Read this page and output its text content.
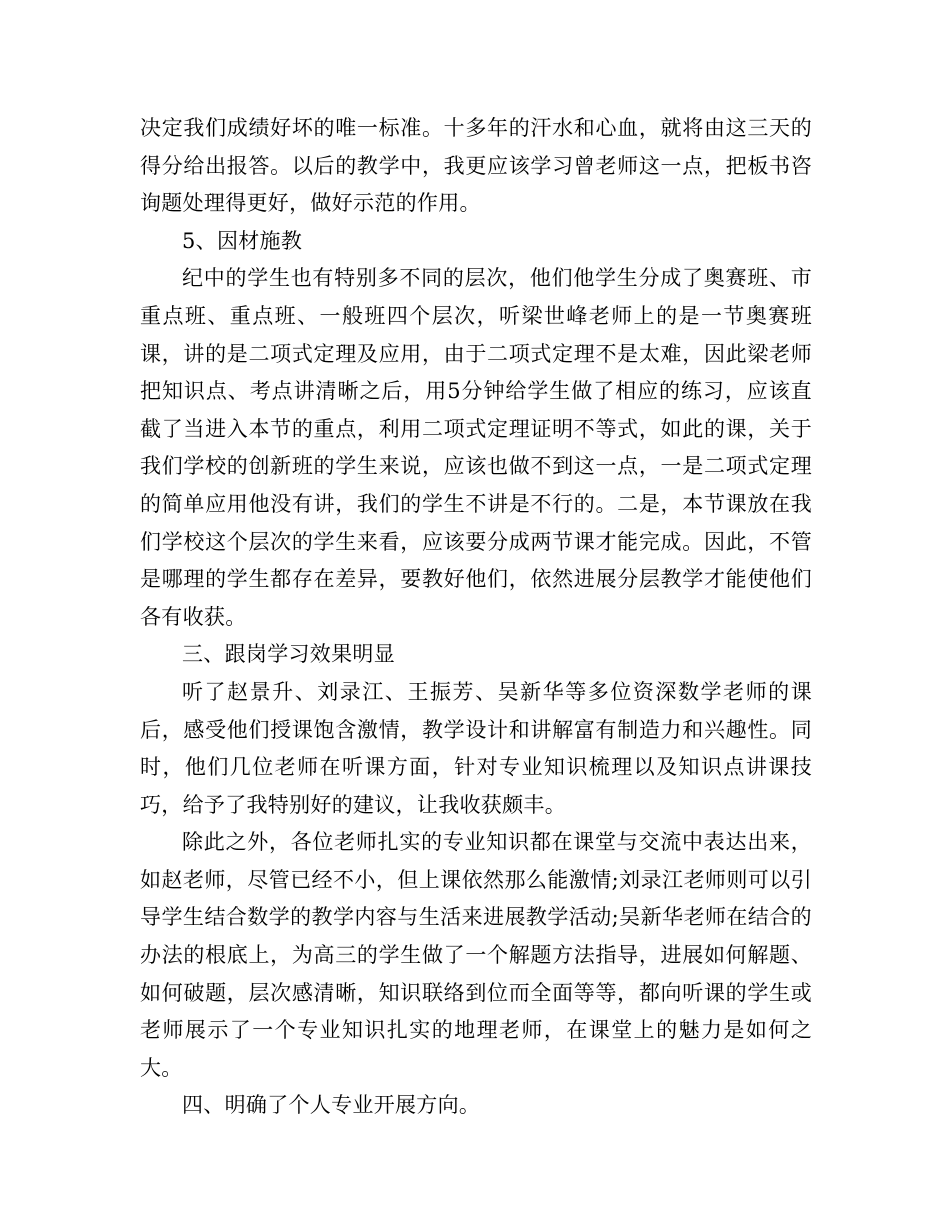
决定我们成绩好坏的唯一标准。十多年的汗水和心血，就将由这三天的得分给出报答。以后的教学中，我更应该学习曾老师这一点，把板书咨询题处理得更好，做好示范的作用。

5、因材施教

纪中的学生也有特别多不同的层次，他们他学生分成了奥赛班、市重点班、重点班、一般班四个层次，听梁世峰老师上的是一节奥赛班课，讲的是二项式定理及应用，由于二项式定理不是太难，因此梁老师把知识点、考点讲清晰之后，用5分钟给学生做了相应的练习，应该直截了当进入本节的重点，利用二项式定理证明不等式，如此的课，关于我们学校的创新班的学生来说，应该也做不到这一点，一是二项式定理的简单应用他没有讲，我们的学生不讲是不行的。二是，本节课放在我们学校这个层次的学生来看，应该要分成两节课才能完成。因此，不管是哪理的学生都存在差异，要教好他们，依然进展分层教学才能使他们各有收获。

三、跟岗学习效果明显

听了赵景升、刘录江、王振芳、吴新华等多位资深数学老师的课后，感受他们授课饱含激情，教学设计和讲解富有制造力和兴趣性。同时，他们几位老师在听课方面，针对专业知识梳理以及知识点讲课技巧，给予了我特别好的建议，让我收获颇丰。

除此之外，各位老师扎实的专业知识都在课堂与交流中表达出来，如赵老师，尽管已经不小，但上课依然那么能激情;刘录江老师则可以引导学生结合数学的教学内容与生活来进展教学活动;吴新华老师在结合的办法的根底上，为高三的学生做了一个解题方法指导，进展如何解题、如何破题，层次感清晰，知识联络到位而全面等等，都向听课的学生或老师展示了一个专业知识扎实的地理老师，在课堂上的魅力是如何之大。

四、明确了个人专业开展方向。
